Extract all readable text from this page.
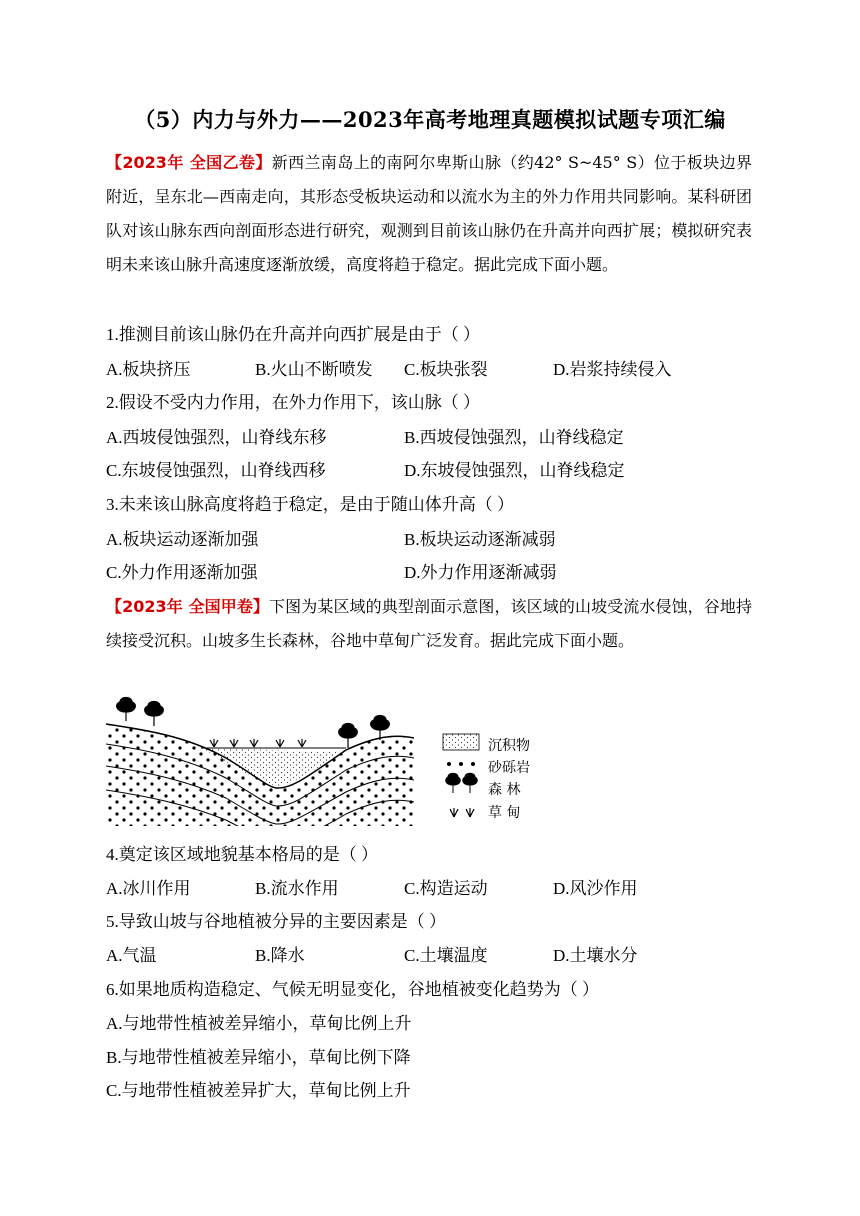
（5）内力与外力——2023年高考地理真题模拟试题专项汇编
【2023年 全国乙卷】新西兰南岛上的南阿尔卑斯山脉（约42° S~45° S）位于板块边界附近，呈东北—西南走向，其形态受板块运动和以流水为主的外力作用共同影响。某科研团队对该山脉东西向剖面形态进行研究，观测到目前该山脉仍在升高并向西扩展；模拟研究表明未来该山脉升高速度逐渐放缓，高度将趋于稳定。据此完成下面小题。
1.推测目前该山脉仍在升高并向西扩展是由于（ ）
A.板块挤压	B.火山不断喷发 C.板块张裂	D.岩浆持续侵入
2.假设不受内力作用，在外力作用下，该山脉（ ）
A.西坡侵蚀强烈，山脊线东移	B.西坡侵蚀强烈，山脊线稳定
C.东坡侵蚀强烈，山脊线西移	D.东坡侵蚀强烈，山脊线稳定
3.未来该山脉高度将趋于稳定，是由于随山体升高（ ）
A.板块运动逐渐加强	B.板块运动逐渐减弱
C.外力作用逐渐加强	D.外力作用逐渐减弱
【2023年 全国甲卷】下图为某区域的典型剖面示意图，该区域的山坡受流水侵蚀，谷地持续接受沉积。山坡多生长森林，谷地中草甸广泛发育。据此完成下面小题。
沉积物
砂砾岩
森 林
草 甸
4.奠定该区域地貌基本格局的是（ ）
A.冰川作用	B.流水作用	C.构造运动	D.风沙作用
5.导致山坡与谷地植被分异的主要因素是（ ）
A.气温	B.降水	C.土壤温度	D.土壤水分
6.如果地质构造稳定、气候无明显变化，谷地植被变化趋势为（ ）
A.与地带性植被差异缩小，草甸比例上升
B.与地带性植被差异缩小，草甸比例下降
C.与地带性植被差异扩大，草甸比例上升
